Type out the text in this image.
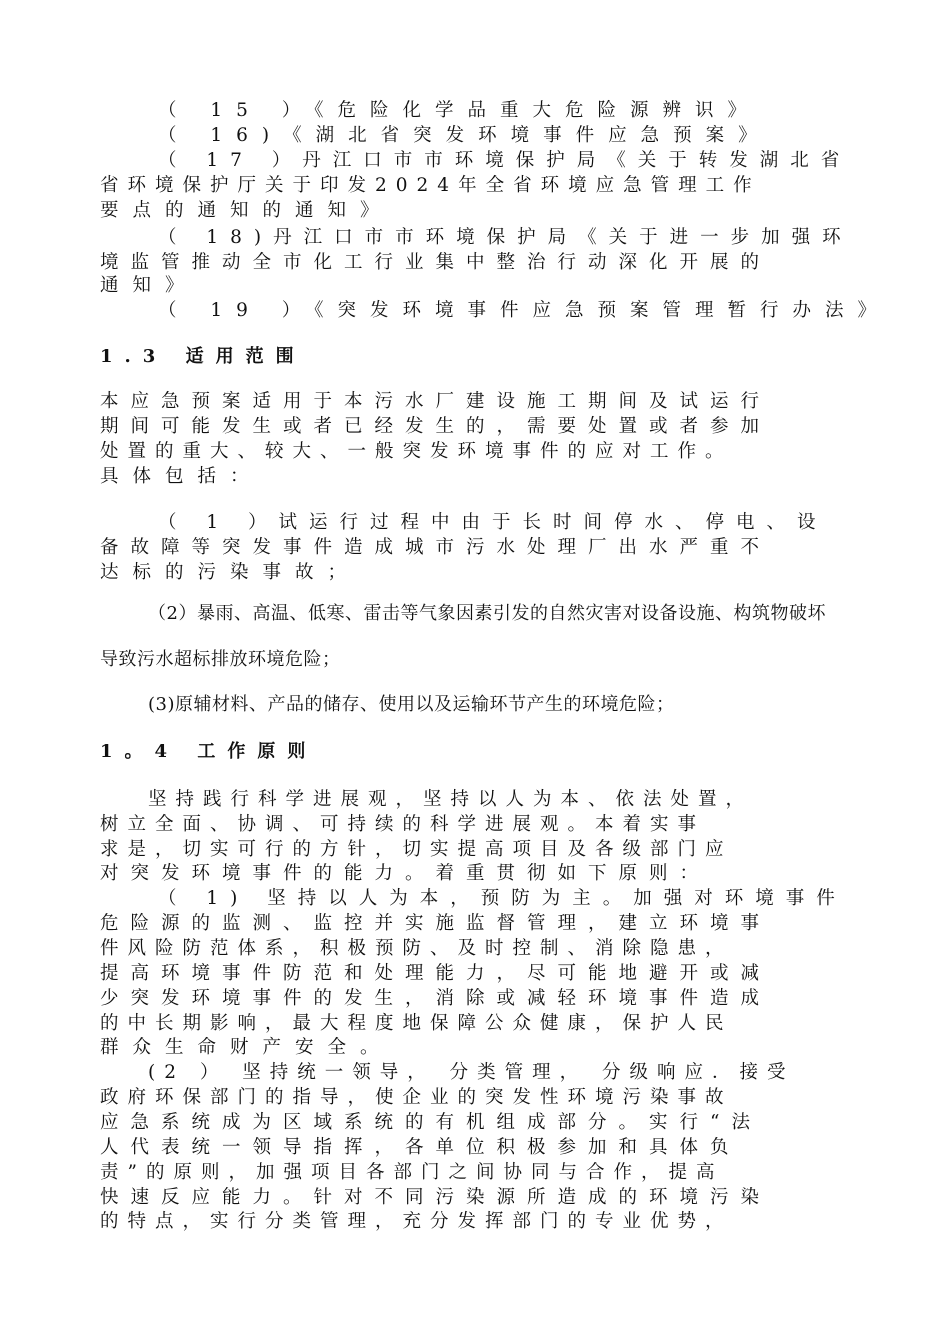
（ 15 ）《危险化学品重大危险源辨识》
（ 16)《湖北省突发环境事件应急预案》
（ 17 ）丹江口市市环境保护局《关于转发湖北省
省环境保护厅关于印发2024年全省环境应急管理工作
要点的通知的通知》
（ 18)丹江口市市环境保护局《关于进一步加强环
境监管推动全市化工行业集中整治行动深化开展的
通知》
（ 19 ）《突发环境事件应急预案管理暂行办法》
1.3 适用范围
本应急预案适用于本污水厂建设施工期间及试运行
期间可能发生或者已经发生的，需要处置或者参加
处置的重大、较大、一般突发环境事件的应对工作。
具体包括：
（ 1 ）试运行过程中由于长时间停水、停电、设
备故障等突发事件造成城市污水处理厂出水严重不
达标的污染事故；
（2）暴雨、高温、低寒、雷击等气象因素引发的自然灾害对设备设施、构筑物破坏
导致污水超标排放环境危险；
(3)原辅材料、产品的储存、使用以及运输环节产生的环境危险；
1。4 工作原则
坚持践行科学进展观，坚持以人为本、依法处置，
树立全面、协调、可持续的科学进展观。本着实事
求是，切实可行的方针，切实提高项目及各级部门应
对突发环境事件的能力。着重贯彻如下原则：
（ 1) 坚持以人为本，预防为主。加强对环境事件
危险源的监测、监控并实施监督管理，建立环境事
件风险防范体系，积极预防、及时控制、消除隐患，
提高环境事件防范和处理能力，尽可能地避开或减
少突发环境事件的发生，消除或减轻环境事件造成
的中长期影响，最大程度地保障公众健康，保护人民
群众生命财产安全。
(2 ） 坚持统一领导， 分类管理， 分级响应．接受
政府环保部门的指导，使企业的突发性环境污染事故
应急系统成为区域系统的有机组成部分。实行“法
人代表统一领导指挥，各单位积极参加和具体负
责”的原则，加强项目各部门之间协同与合作，提高
快速反应能力。针对不同污染源所造成的环境污染
的特点，实行分类管理，充分发挥部门的专业优势，
